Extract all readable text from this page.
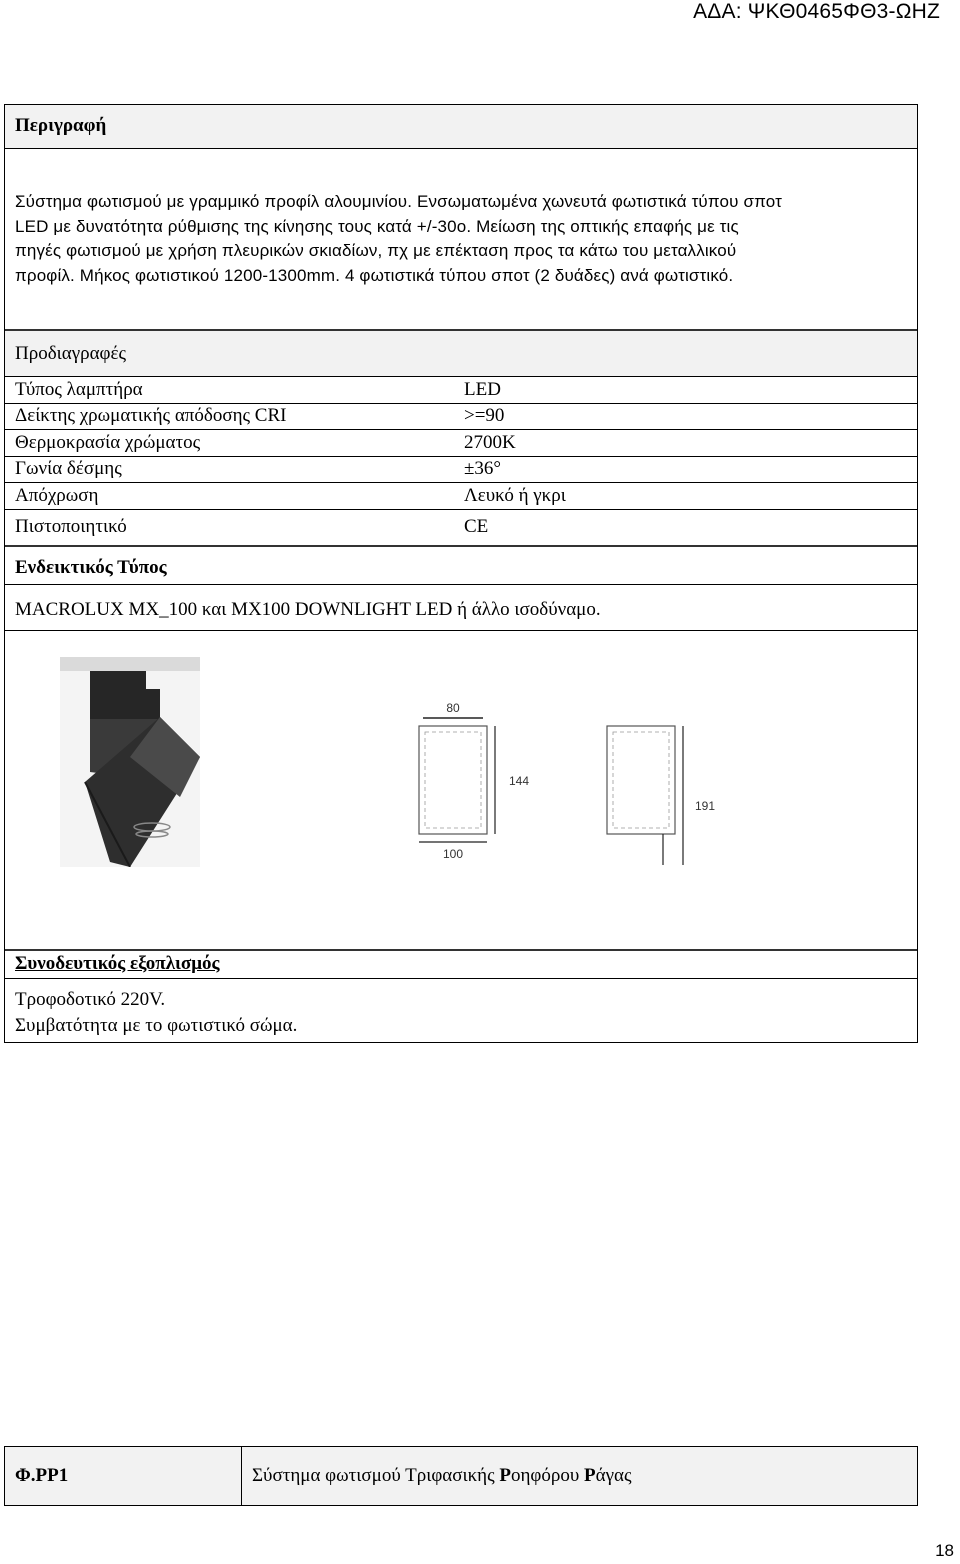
ΑΔΑ: ΨΚΘ0465ΦΘ3-ΩΗΖ
Περιγραφή
Σύστημα φωτισμού με γραμμικό προφίλ αλουμινίου. Ενσωματωμένα χωνευτά φωτιστικά τύπου σποτ
LED με δυνατότητα ρύθμισης της κίνησης τους κατά +/-30ο. Μείωση της οπτικής επαφής με τις
πηγές φωτισμού με χρήση πλευρικών σκιαδίων, πχ με επέκταση προς τα κάτω του μεταλλικού
προφίλ. Μήκος φωτιστικού 1200-1300mm. 4 φωτιστικά τύπου σποτ (2 δυάδες) ανά φωτιστικό.
Προδιαγραφές
Τύπος λαμπτήρα	LED
Δείκτης χρωματικής απόδοσης CRI	>=90
Θερμοκρασία χρώματος	2700K
Γωνία δέσμης	±36°
Απόχρωση	Λευκό ή γκρι
Πιστοποιητικό	CE
Ενδεικτικός Τύπος
MACROLUX MX_100 και MX100 DOWNLIGHT LED ή άλλο ισοδύναμο.
80
144
100
191
Συνοδευτικός εξοπλισμός
Τροφοδοτικό 220V.
Συμβατότητα με το φωτιστικό σώμα.
Φ.ΡΡ1	Σύστημα φωτισμού Τριφασικής Ροηφόρου Ράγας
18
